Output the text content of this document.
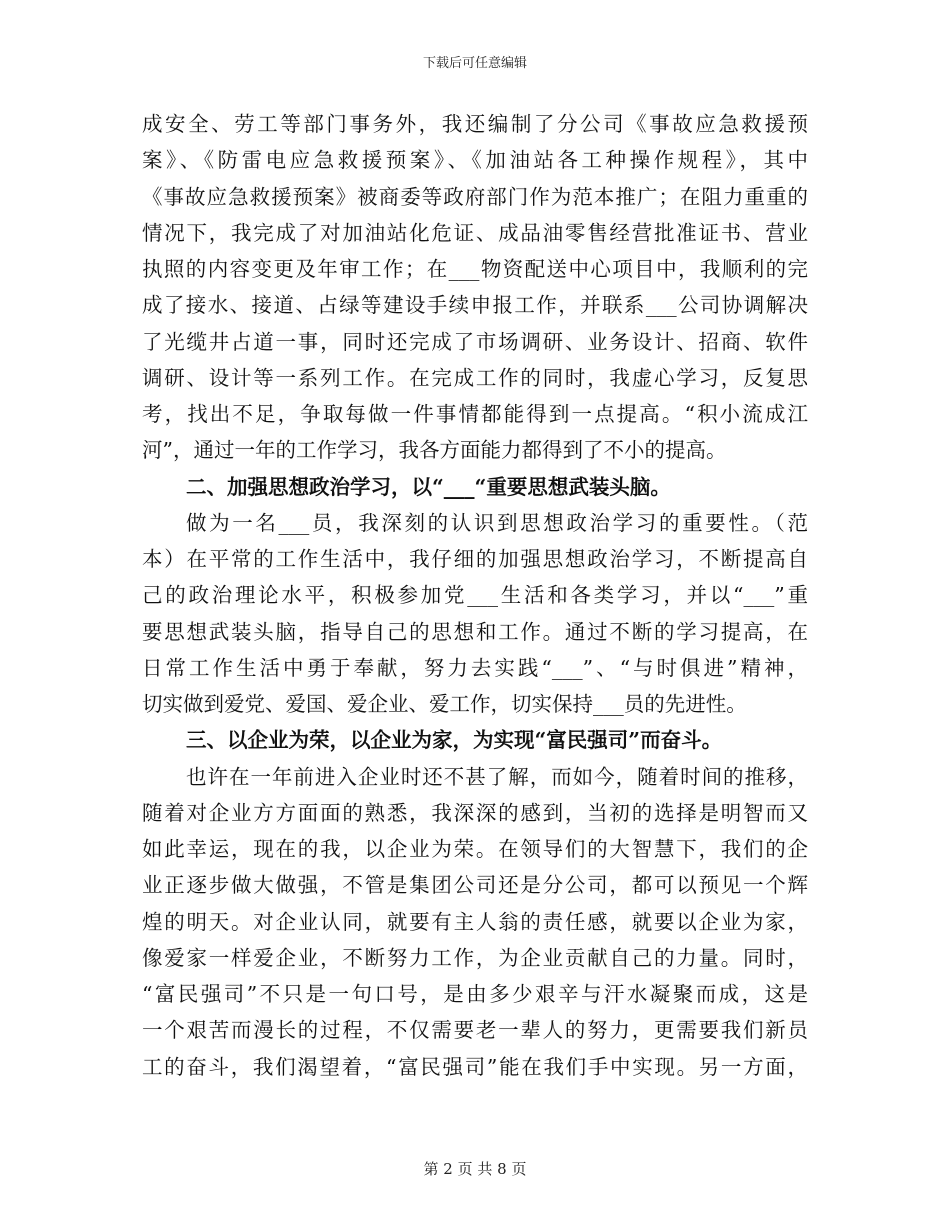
下载后可任意编辑
成安全、劳工等部门事务外，我还编制了分公司《事故应急救援预
案》、《防雷电应急救援预案》、《加油站各工种操作规程》，其中
《事故应急救援预案》被商委等政府部门作为范本推广；在阻力重重的
情况下，我完成了对加油站化危证、成品油零售经营批准证书、营业
执照的内容变更及年审工作；在___物资配送中心项目中，我顺利的完
成了接水、接道、占绿等建设手续申报工作，并联系___公司协调解决
了光缆井占道一事，同时还完成了市场调研、业务设计、招商、软件
调研、设计等一系列工作。在完成工作的同时，我虚心学习，反复思
考，找出不足，争取每做一件事情都能得到一点提高。“积小流成江
河”，通过一年的工作学习，我各方面能力都得到了不小的提高。
二、加强思想政治学习，以“___“重要思想武装头脑。
做为一名___员，我深刻的认识到思想政治学习的重要性。（范
本）在平常的工作生活中，我仔细的加强思想政治学习，不断提高自
己的政治理论水平，积极参加党___生活和各类学习，并以“___”重
要思想武装头脑，指导自己的思想和工作。通过不断的学习提高，在
日常工作生活中勇于奉献，努力去实践“___”、“与时俱进”精神，
切实做到爱党、爱国、爱企业、爱工作，切实保持___员的先进性。
三、以企业为荣，以企业为家，为实现“富民强司”而奋斗。
也许在一年前进入企业时还不甚了解，而如今，随着时间的推移，
随着对企业方方面面的熟悉，我深深的感到，当初的选择是明智而又
如此幸运，现在的我，以企业为荣。在领导们的大智慧下，我们的企
业正逐步做大做强，不管是集团公司还是分公司，都可以预见一个辉
煌的明天。对企业认同，就要有主人翁的责任感，就要以企业为家，
像爱家一样爱企业，不断努力工作，为企业贡献自己的力量。同时，
“富民强司”不只是一句口号，是由多少艰辛与汗水凝聚而成，这是
一个艰苦而漫长的过程，不仅需要老一辈人的努力，更需要我们新员
工的奋斗，我们渴望着，“富民强司”能在我们手中实现。另一方面，
第 2 页 共 8 页
